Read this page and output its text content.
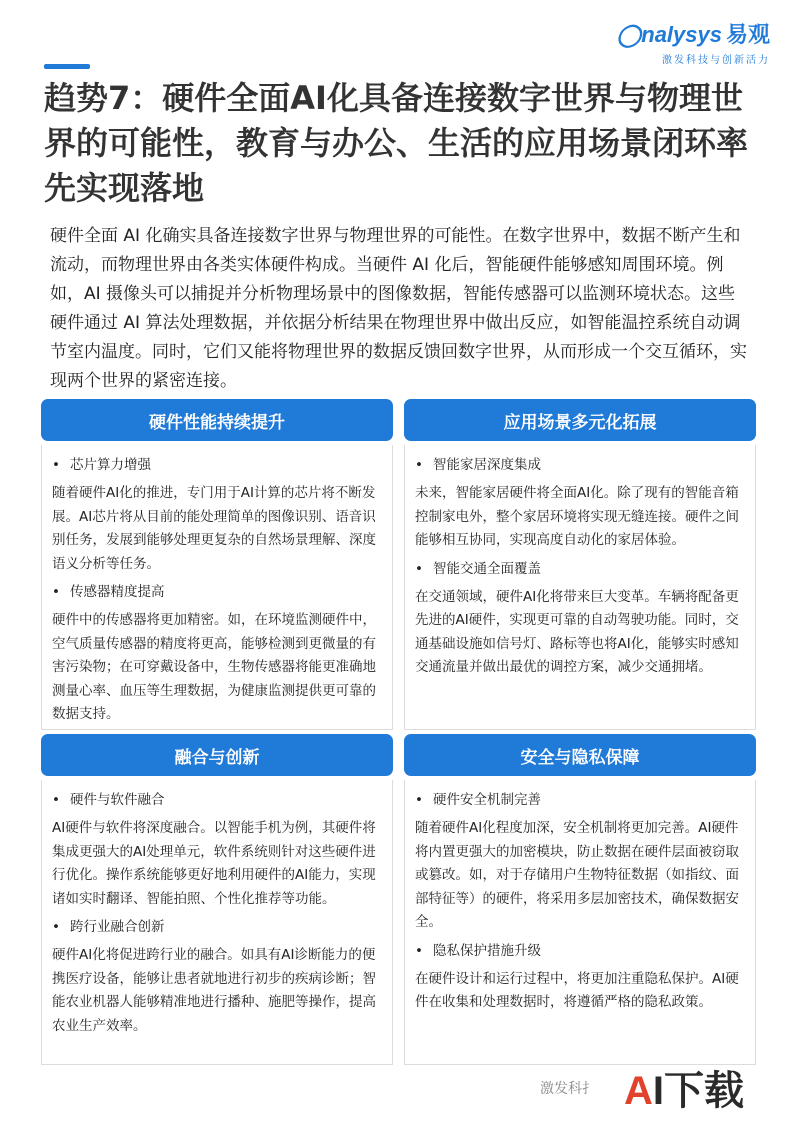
◯nalysys 易观
激发科技与创新活力
趋势7：硬件全面AI化具备连接数字世界与物理世界的可能性，教育与办公、生活的应用场景闭环率先实现落地

硬件全面 AI 化确实具备连接数字世界与物理世界的可能性。在数字世界中，数据不断产生和流动，而物理世界由各类实体硬件构成。当硬件 AI 化后，智能硬件能够感知周围环境。例如，AI 摄像头可以捕捉并分析物理场景中的图像数据，智能传感器可以监测环境状态。这些硬件通过 AI 算法处理数据，并依据分析结果在物理世界中做出反应，如智能温控系统自动调节室内温度。同时，它们又能将物理世界的数据反馈回数字世界，从而形成一个交互循环，实现两个世界的紧密连接。

硬件性能持续提升
• 芯片算力增强

随着硬件AI化的推进，专门用于AI计算的芯片将不断发展。AI芯片将从目前的能处理简单的图像识别、语音识别任务，发展到能够处理更复杂的自然场景理解、深度语义分析等任务。

• 传感器精度提高

硬件中的传感器将更加精密。如，在环境监测硬件中，空气质量传感器的精度将更高，能够检测到更微量的有害污染物；在可穿戴设备中，生物传感器将能更准确地测量心率、血压等生理数据，为健康监测提供更可靠的数据支持。

应用场景多元化拓展
• 智能家居深度集成

未来，智能家居硬件将全面AI化。除了现有的智能音箱控制家电外，整个家居环境将实现无缝连接。硬件之间能够相互协同，实现高度自动化的家居体验。

• 智能交通全面覆盖

在交通领域，硬件AI化将带来巨大变革。车辆将配备更先进的AI硬件，实现更可靠的自动驾驶功能。同时，交通基础设施如信号灯、路标等也将AI化，能够实时感知交通流量并做出最优的调控方案，减少交通拥堵。

融合与创新
• 硬件与软件融合

AI硬件与软件将深度融合。以智能手机为例，其硬件将集成更强大的AI处理单元，软件系统则针对这些硬件进行优化。操作系统能够更好地利用硬件的AI能力，实现诸如实时翻译、智能拍照、个性化推荐等功能。

• 跨行业融合创新

硬件AI化将促进跨行业的融合。如具有AI诊断能力的便携医疗设备，能够让患者就地进行初步的疾病诊断；智能农业机器人能够精准地进行播种、施肥等操作，提高农业生产效率。

安全与隐私保障
• 硬件安全机制完善

随着硬件AI化程度加深，安全机制将更加完善。AI硬件将内置更强大的加密模块，防止数据在硬件层面被窃取或篡改。如，对于存储用户生物特征数据（如指纹、面部特征等）的硬件，将采用多层加密技术，确保数据安全。

• 隐私保护措施升级

在硬件设计和运行过程中，将更加注重隐私保护。AI硬件在收集和处理数据时，将遵循严格的隐私政策。

激发科扌 AI下载
